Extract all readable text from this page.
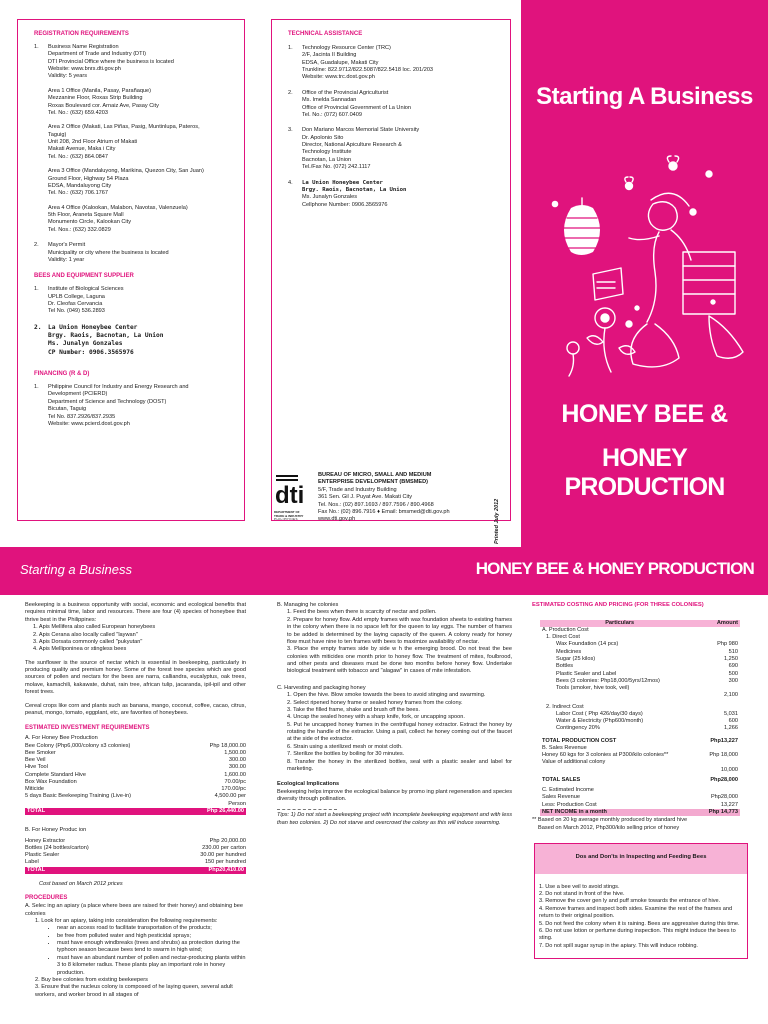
REGISTRATION REQUIREMENTS
1.	Business Name Registration
Department of Trade and Industry (DTI)
DTI Provincial Office where the business is located
Website: www.bnrs.dti.gov.ph
Validity: 5 years
Area 1 Office (Manila, Pasay, Parañaque)
Mezzanine Floor, Roxas Strip Building
Roxas Boulevard cor. Arnaiz Ave, Pasay City
Tel. No.: (632) 659.4203
Area 2 Office (Makati, Las Piñas, Pasig, Muntinlupa, Pateros,
Taguig)
Unit 208, 2nd Floor Atrium of Makati
Makati Avenue, Maka i City
Tel. No.: (632) 864.0847
Area 3 Office (Mandaluyong, Marikina, Quezon City, San Juan)
Ground Floor, Highway 54 Plaza
EDSA, Mandaluyong City
Tel. No.: (632) 706.1767
Area 4 Office (Kalookan, Malabon, Navotas, Valenzuela)
5th Floor, Araneta Square Mall
Monumento Circle, Kalookan City
Tel. Nos.: (632) 332.0829
2.	Mayor's Permit
Municipality or city where the business is located
Validity: 1 year
BEES AND EQUIPMENT SUPPLIER
1.	Institute of Biological Sciences
UPLB College, Laguna
Dr. Cleofas Cervancia
Tel No. (049) 536.2893
2.	La Union Honeybee Center
Brgy. Raois, Bacnotan, La Union
Ms. Junalyn Gonzales
CP Number: 0906.3565976
FINANCING (R & D)
1.	Philippine Council for Industry and Energy Research and
Development (PCIERD)
Department of Science and Technology (DOST)
Bicutan, Taguig
Tel No. 837.2926/837.2935
Website: www.pcierd.dost.gov.ph
TECHNICAL ASSISTANCE
1.	Technology Resource Center (TRC)
2/F, Jacinta II Building
EDSA, Guadalupe, Makati City
Trunkline: 822.9712/822.5087/822.5418 loc. 201/203
Website: www.trc.dost.gov.ph
2.	Office of the Provincial Agriculturist
Ms. Imelda Sannadan
Office of Provincial Government of La Union
Tel. No.: (072) 607.0409
3.	Don Mariano Marcos Memorial State University
Dr. Apolonio Sito
Director, National Apiculture Research &
Technology Institute
Bacnotan, La Union
Tel./Fax No. (072) 242.1117
4.	La Union Honeybee Center
Brgy. Raois, Bacnotan, La Union
Ms. Junalyn Gonzales
Cellphone Number: 0906.3565976
dti
DEPARTMENT OF
TRADE & INDUSTRY
PHILIPPINES
BUREAU OF MICRO, SMALL AND MEDIUM
ENTERPRISE DEVELOPMENT (BMSMED)
5/F, Trade and Industry Building
361 Sen. Gil J. Puyat Ave. Makati City
Tel. Nos.: (02) 897.1693 / 897.7596 / 890.4968
Fax No.: (02) 896.7916 ♦ Email: bmsmed@dti.gov.ph
www.dti.gov.ph	Printed July 2012
Starting A Business
HONEY BEE &
HONEY PRODUCTION
Starting a Business	HONEY BEE & HONEY PRODUCTION

Beekeeping is a business opportunity with social, economic and ecological benefits that requires minimal time, labor and resources. There are four (4) species of honeybee that thrive best in the Philippines:

1. Apis Mellifera also called European honeybees
2. Apis Cerana also locally called "laywan"
3. Apis Dorsata commonly called "pukyutan"
4. Apis Melliponinea or stingless bees

The sunflower is the source of nectar which is essential in beekeeping, particularly in producing quality and premium honey. Some of the forest tree species which are good sources of pollen and nectars for the bees are narra, calliandra, eucalyptus, oak trees, molave, kamachili, kakawate, duhat, rain tree, african tulip, jacaranda, ipil-ipil and other forest trees.

Cereal crops like corn and plants such as banana, mango, coconut, coffee, cacao, citrus, peanut, mongo, tomato, eggplant, etc, are favorites of honeybees.

ESTIMATED INVESTMENT REQUIREMENTS
A. For Honey Bee Production
Bee Colony (Php6,000/colony x3 colonies)	Php 18,000.00
Bee Smoker	1,500.00
Bee Veil	300.00
Hive Tool	300.00
Complete Standard Hive	1,600.00
Box Wax Foundation	70.00/pc
Miticide	170.00/pc
5 days Basic Beekeeping Training (Live-in)	4,500.00 per
	Person
TOTAL	Php 26,440.00
B. For Honey Produc ion
Honey Extractor	Php 20,000.00
Bottles (24 bottles/carton)	230.00 per carton
Plastic Sealer	30.00 per hundred
Label	150 per hundred
TOTAL	Php20,410.00
Cost based on March 2012 prices
PROCEDURES
A. Selec ing an apiary (a place where bees are raised for their honey) and obtaining bee colonies
1. Look for an apiary, taking into consideration the following requirements:
• near an access road to facilitate transportation of the products;
• be free from polluted water and high pesticidal sprays;
• must have enough windbreaks (trees and shrubs) as protection during the typhoon season because bees tend to swarm in high wind;
• must have an abundant number of pollen and nectar-producing plants within 3 to 8 kilometer radius. These plants play an important role in honey production.
2. Buy bee colonies from existing beekeepers
3. Ensure that the nucleus colony is composed of he laying queen, several adult workers, and worker brood in all stages of
B. Managing he colonies
1. Feed the bees when there is scarcity of nectar and pollen.
2. Prepare for honey flow. Add empty frames with wax foundation sheets to existing frames in the colony when there is no space left for the queen to lay eggs. The number of frames to be added is determined by the laying capacity of the queen. A colony ready for honey flow must have nine to ten frames with bees to maximize availability of nectar.
3. Place the empty frames side by side w h the emerging brood. Do not treat the bee colonies with miticides one month prior to honey flow. The treatment of mites, foulbrood, and other pests and diseases must be done two months before honey flow. Undertake biological treatment with tobacco and "alagaw" in cases of mite infestation.
C. Harvesting and packaging honey
1. Open the hive. Blow smoke towards the bees to avoid stinging and swarming.
2. Select ripened honey frame or sealed honey frames from the colony.
3. Take the filled frame, shake and brush off the bees.
4. Uncap the sealed honey with a sharp knife, fork, or uncapping spoon.
5. Put he uncapped honey frames in the centrifugal honey extractor. Extract the honey by rotating the handle of the extractor. Using a pail, collect he honey coming out of the faucet at the side of the extractor.
6. Strain using a sterilized mesh or moist cloth.
7. Sterilize the bottles by boiling for 30 minutes.
8. Transfer the honey in the sterilized bottles, seal with a plastic sealer and label for marketing.
Ecological Implications
Beekeeping helps improve the ecological balance by promo ing plant regeneration and species diversity through pollination.
Tips: 1) Do not start a beekeeping project with incomplete beekeeping equipment and with less than two colonies. 2) Do not starve and overcrowd the colony as this will induce swarming.
ESTIMATED COSTING AND PRICING (FOR THREE COLONIES)
Particulars	Amount
A. Production Cost	
1. Direct Cost	
Wax Foundation (14 pcs)	Php 980
Medicines	510
Sugar (25 kilos)	1,250
Bottles	690
Plastic Sealer and Label	500
Bees (3 colonies: Php18,000/5yrs/12mos)	300
Tools (smoker, hive took, veil)	
	2,100
2. Indirect Cost	
Labor Cost ( Php 426/day/30 days)	5,031
Water & Electricity (Php600/month)	600
Contingency 20%	1,266
TOTAL PRODUCTION COST	Php13,227
B. Sales Revenue	
Honey 60 kgs for 3 colonies at P300/kilo colonies**	Php 18,000
Value of additional colony	
	10,000
TOTAL SALES	Php28,000
C. Estimated Income	
Sales Revenue	Php28,000
Less: Production Cost	13,227
NET INCOME in a month	Php 14,773
** Based on 20 kg average monthly produced by standard hive
Based on March 2012, Php300/kilo selling price of honey
Dos and Don'ts in Inspecting and Feeding Bees
1. Use a bee veil to avoid stings.
2. Do not stand in front of the hive.
3. Remove the cover gen ly and puff smoke towards the entrance of hive.
4. Remove frames and inspect both sides. Examine the rest of the frames and return to their original position.
5. Do not feed the colony when it is raining. Bees are aggressive during this time.
6. Do not use lotion or perfume during inspection. This might induce the bees to sting.
7. Do not spill sugar syrup in the apiary. This will induce robbing.
